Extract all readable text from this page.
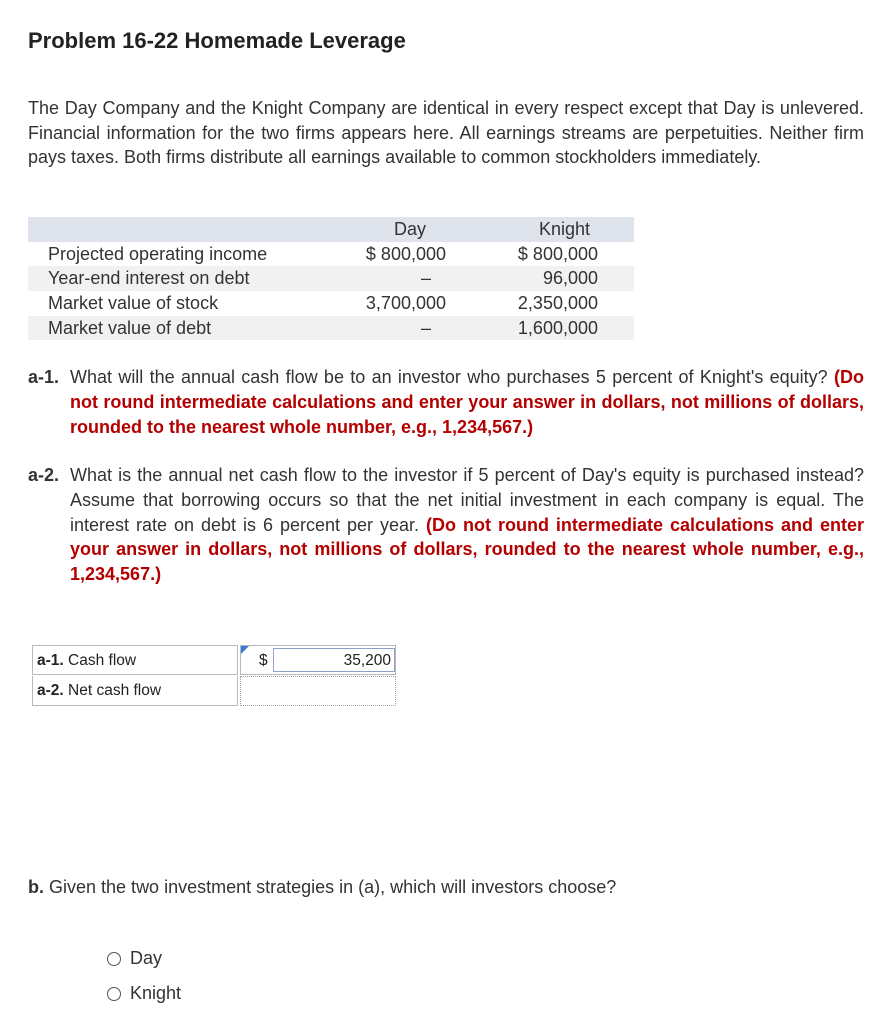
Problem 16-22 Homemade Leverage
The Day Company and the Knight Company are identical in every respect except that Day is unlevered. Financial information for the two firms appears here. All earnings streams are perpetuities. Neither firm pays taxes. Both firms distribute all earnings available to common stockholders immediately.
Day	Knight
Projected operating income	$ 800,000	$ 800,000
Year-end interest on debt	–	96,000
Market value of stock	3,700,000	2,350,000
Market value of debt	–	1,600,000
a-1. What will the annual cash flow be to an investor who purchases 5 percent of Knight's equity? (Do not round intermediate calculations and enter your answer in dollars, not millions of dollars, rounded to the nearest whole number, e.g., 1,234,567.)
a-2. What is the annual net cash flow to the investor if 5 percent of Day's equity is purchased instead? Assume that borrowing occurs so that the net initial investment in each company is equal. The interest rate on debt is 6 percent per year. (Do not round intermediate calculations and enter your answer in dollars, not millions of dollars, rounded to the nearest whole number, e.g., 1,234,567.)
a-1. Cash flow	$	35,200
a-2. Net cash flow
b. Given the two investment strategies in (a), which will investors choose?
Day
Knight
